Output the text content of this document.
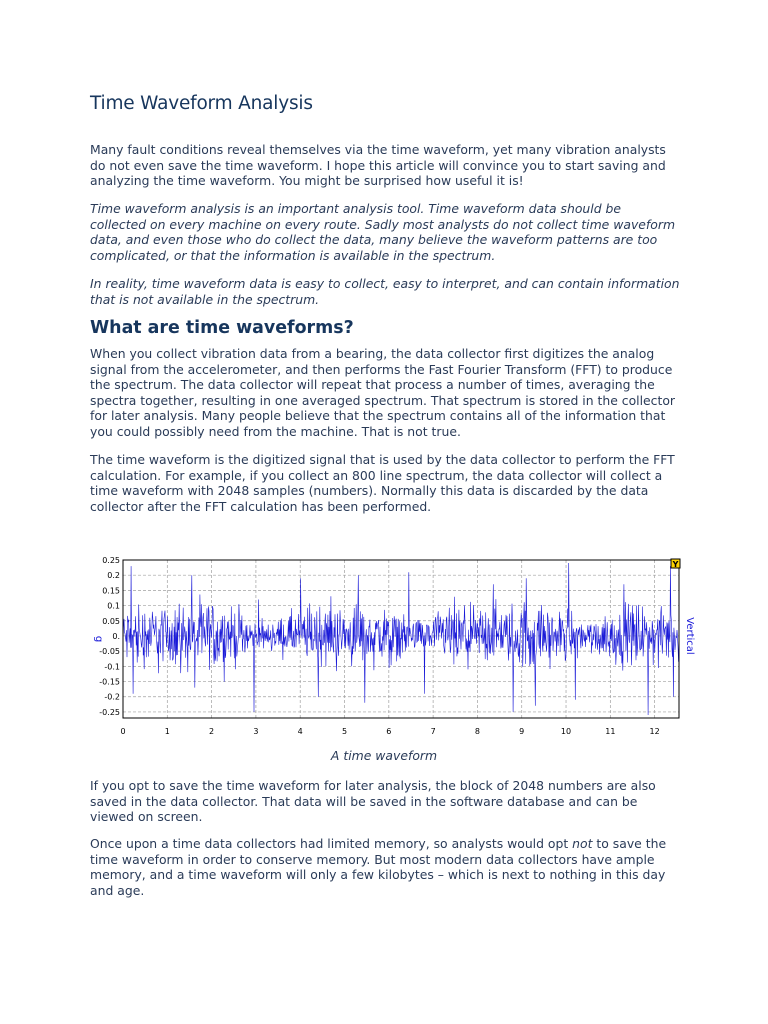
Time Waveform Analysis

Many fault conditions reveal themselves via the time waveform, yet many vibration analysts do not even save the time waveform. I hope this article will convince you to start saving and analyzing the time waveform. You might be surprised how useful it is!

Time waveform analysis is an important analysis tool. Time waveform data should be collected on every machine on every route. Sadly most analysts do not collect time waveform data, and even those who do collect the data, many believe the waveform patterns are too complicated, or that the information is available in the spectrum.

In reality, time waveform data is easy to collect, easy to interpret, and can contain information that is not available in the spectrum.

What are time waveforms?

When you collect vibration data from a bearing, the data collector first digitizes the analog signal from the accelerometer, and then performs the Fast Fourier Transform (FFT) to produce the spectrum. The data collector will repeat that process a number of times, averaging the spectra together, resulting in one averaged spectrum. That spectrum is stored in the collector for later analysis. Many people believe that the spectrum contains all of the information that you could possibly need from the machine. That is not true.

The time waveform is the digitized signal that is used by the data collector to perform the FFT calculation. For example, if you collect an 800 line spectrum, the data collector will collect a time waveform with 2048 samples (numbers). Normally this data is discarded by the data collector after the FFT calculation has been performed.

0.25
0.2
0.15
0.1
0.05
0.
-0.05
-0.1
-0.15
-0.2
-0.25
0	1	2	3	4	5	6	7	8	9	10	11	12
g	Vertical
Y

A time waveform

If you opt to save the time waveform for later analysis, the block of 2048 numbers are also saved in the data collector. That data will be saved in the software database and can be viewed on screen.

Once upon a time data collectors had limited memory, so analysts would opt not to save the time waveform in order to conserve memory. But most modern data collectors have ample memory, and a time waveform will only a few kilobytes – which is next to nothing in this day and age.
